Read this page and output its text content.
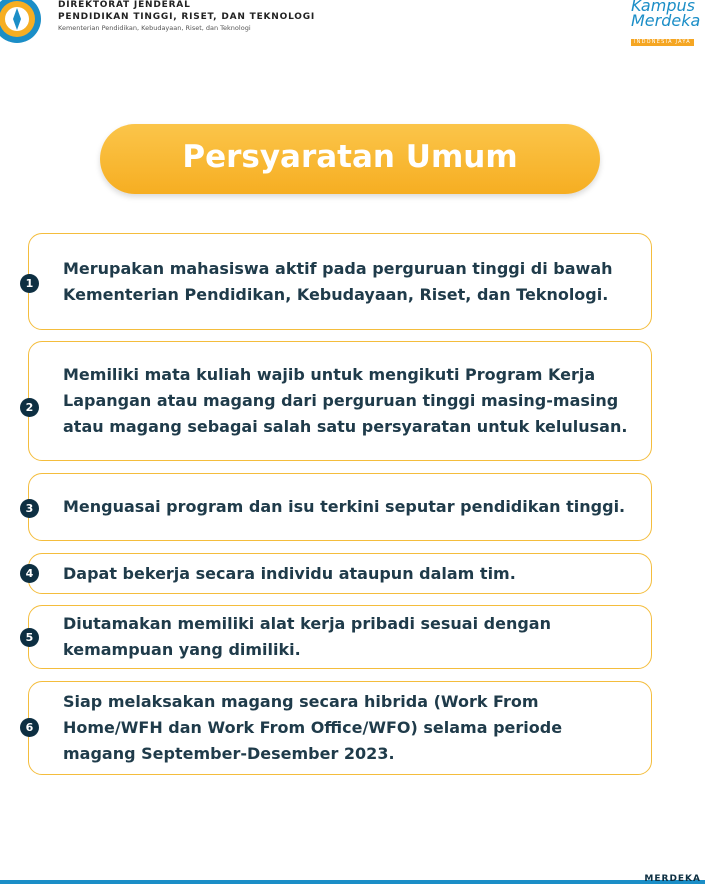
DIREKTORAT JENDERAL
PENDIDIKAN TINGGI, RISET, DAN TEKNOLOGI
Kementerian Pendidikan, Kebudayaan, Riset, dan Teknologi
Kampus
Merdeka
INDONESIA JAYA
Persyaratan Umum
1
Merupakan mahasiswa aktif pada perguruan tinggi di bawah Kementerian Pendidikan, Kebudayaan, Riset, dan Teknologi.
2
Memiliki mata kuliah wajib untuk mengikuti Program Kerja Lapangan atau magang dari perguruan tinggi masing-masing atau magang sebagai salah satu persyaratan untuk kelulusan.
3	Menguasai program dan isu terkini seputar pendidikan tinggi.
4	Dapat bekerja secara individu ataupun dalam tim.
5
Diutamakan memiliki alat kerja pribadi sesuai dengan kemampuan yang dimiliki.
6
Siap melaksakan magang secara hibrida (Work From Home/WFH dan Work From Office/WFO) selama periode magang September-Desember 2023.
MERDEKA
